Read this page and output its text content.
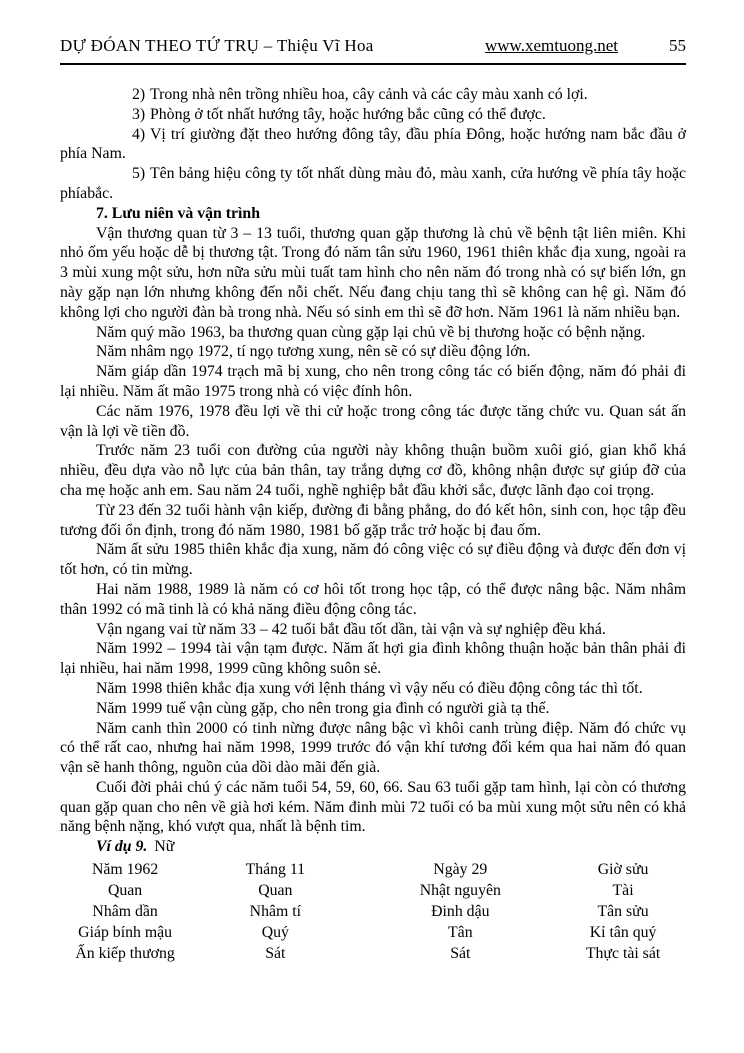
DỰ ĐÓAN THEO TỨ TRỤ – Thiệu Vĩ Hoa	www.xemtuong.net	55

2) Trong nhà nên trồng nhiều hoa, cây cảnh và các cây màu xanh có lợi.

3) Phòng ở tốt nhất hướng tây, hoặc hướng bắc cũng có thể được.

4) Vị trí giường đặt theo hướng đông tây, đầu phía Đông, hoặc hướng nam bắc đầu ở phía Nam.

5) Tên bảng hiệu công ty tốt nhất dùng màu đỏ, màu xanh, cửa hướng về phía tây hoặc phíabắc.

7. Lưu niên và vận trình

Vận thương quan từ 3 – 13 tuổi, thương quan gặp thương là chủ về bệnh tật liên miên. Khi nhỏ ốm yếu hoặc dễ bị thương tật. Trong đó năm tân sửu 1960, 1961 thiên khắc địa xung, ngoài ra 3 mùi xung một sửu, hơn nữa sửu mùi tuất tam hình cho nên năm đó trong nhà có sự biến lớn, gn này gặp nạn lớn nhưng không đến nỗi chết. Nếu đang chịu tang thì sẽ không can hệ gì. Năm đó không lợi cho người đàn bà trong nhà. Nếu só sinh em thì sẽ đỡ hơn. Năm 1961 là năm nhiều bạn.

Năm quý mão 1963, ba thương quan cùng gặp lại chủ về bị thương hoặc có bệnh nặng.

Năm nhâm ngọ 1972, tí ngọ tương xung, nên sẽ có sự diều động lớn.

Năm giáp dần 1974 trạch mã bị xung, cho nên trong công tác có biến động, năm đó phải đi lại nhiều. Năm ất mão 1975 trong nhà có việc đính hôn.

Các năm 1976, 1978 đều lợi về thi cử hoặc trong công tác được tăng chức vu. Quan sát ấn vận là lợi về tiền đồ.

Trước năm 23 tuổi con đường của người này không thuận buồm xuôi gió, gian khổ khá nhiều, đều dựa vào nỗ lực của bản thân, tay trắng dựng cơ đồ, không nhận được sự giúp đỡ của cha mẹ hoặc anh em. Sau năm 24 tuổi, nghề nghiệp bắt đầu khởi sắc, được lãnh đạo coi trọng.

Từ 23 đến 32 tuổi hành vận kiếp, đường đi bằng phẳng, do đó kết hôn, sinh con, học tập đều tương đối ổn định, trong đó năm 1980, 1981 bố gặp trắc trở hoặc bị đau ốm.

Năm ất sửu 1985 thiên khắc địa xung, năm đó công việc có sự điều động và được đến đơn vị tốt hơn, có tin mừng.

Hai năm 1988, 1989 là năm có cơ hôi tốt trong học tập, có thể được nâng bậc. Năm nhâm thân 1992 có mã tinh là có khả năng điều động công tác.

Vận ngang vai từ năm 33 – 42 tuổi bắt đầu tốt dần, tài vận và sự nghiệp đều khá.

Năm 1992 – 1994 tài vận tạm được. Năm ất hợi gia đình không thuận hoặc bản thân phải đi lại nhiều, hai năm 1998, 1999 cũng không suôn sẻ.

Năm 1998 thiên khắc địa xung với lệnh tháng vì vậy nếu có điều động công tác thì tốt.

Năm 1999 tuế vận cùng gặp, cho nên trong gia đình có người già tạ thế.

Năm canh thìn 2000 có tinh nừng được nâng bậc vì khôi canh trùng điệp. Năm đó chức vụ có thể rất cao, nhưng hai năm 1998, 1999 trước đó vận khí tương đối kém qua hai năm đó quan vận sẽ hanh thông, nguồn của dồi dào mãi đến già.

Cuối đời phải chú ý các năm tuổi 54, 59, 60, 66. Sau 63 tuổi gặp tam hình, lại còn có thương quan gặp quan cho nên về già hơi kém. Năm đinh mùi 72 tuổi có ba mùi xung một sửu nên có khả năng bệnh nặng, khó vượt qua, nhất là bệnh tim.

Ví dụ 9. Nữ

Năm 1962	Tháng 11	Ngày 29	Giờ sửu
Quan	Quan	Nhật nguyên	Tài
Nhâm dần	Nhâm tí	Đinh dậu	Tân sửu
Giáp bính mậu	Quý	Tân	Kỉ tân quý
Ấn kiếp thương	Sát	Sát	Thực tài sát
